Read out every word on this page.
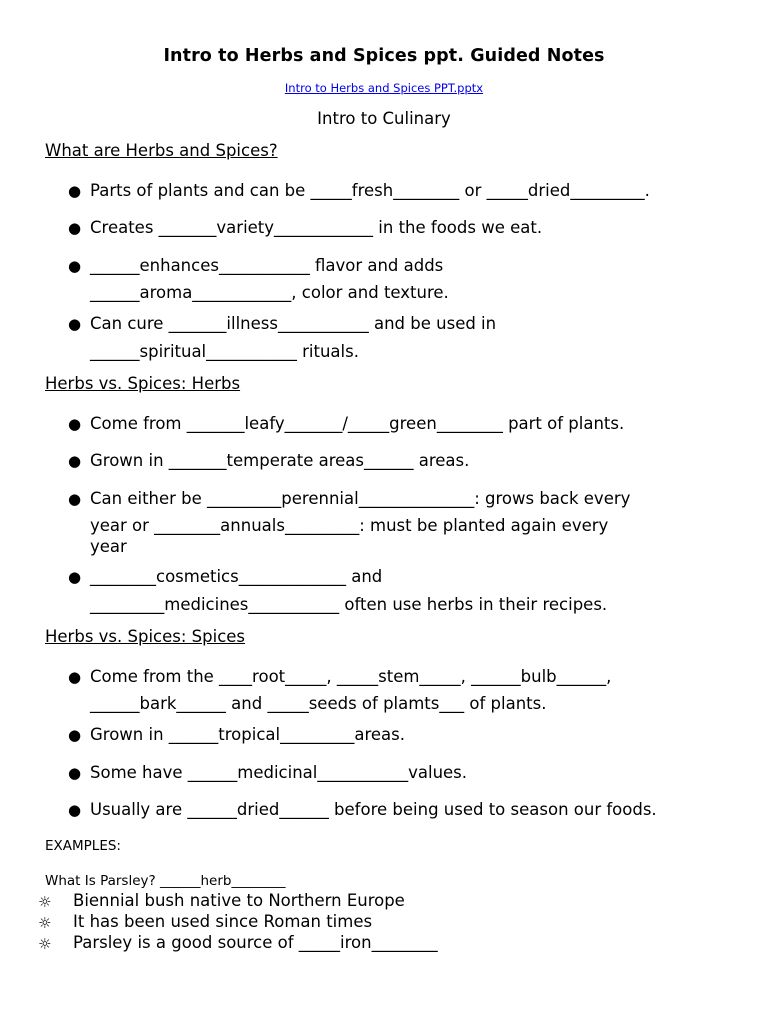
Intro to Herbs and Spices ppt. Guided Notes
Intro to Herbs and Spices PPT.pptx
Intro to Culinary
What are Herbs and Spices?
● Parts of plants and can be _____fresh________ or _____dried_________.
● Creates _______variety____________ in the foods we eat.
● ______enhances___________ flavor and adds
______aroma____________, color and texture.
● Can cure _______illness___________ and be used in
______spiritual___________ rituals.
Herbs vs. Spices: Herbs
● Come from _______leafy_______/_____green________ part of plants.
● Grown in _______temperate areas______ areas.
● Can either be _________perennial______________: grows back every
year or ________annuals_________: must be planted again every
year
● ________cosmetics_____________ and
_________medicines___________ often use herbs in their recipes.
Herbs vs. Spices: Spices
● Come from the ____root_____, _____stem_____, ______bulb______,
______bark______ and _____seeds of plamts___ of plants.
● Grown in ______tropical_________areas.
● Some have ______medicinal___________values.
● Usually are ______dried______ before being used to season our foods.
EXAMPLES:
What Is Parsley? ______herb________
☼ Biennial bush native to Northern Europe
☼ It has been used since Roman times
☼ Parsley is a good source of _____iron________
